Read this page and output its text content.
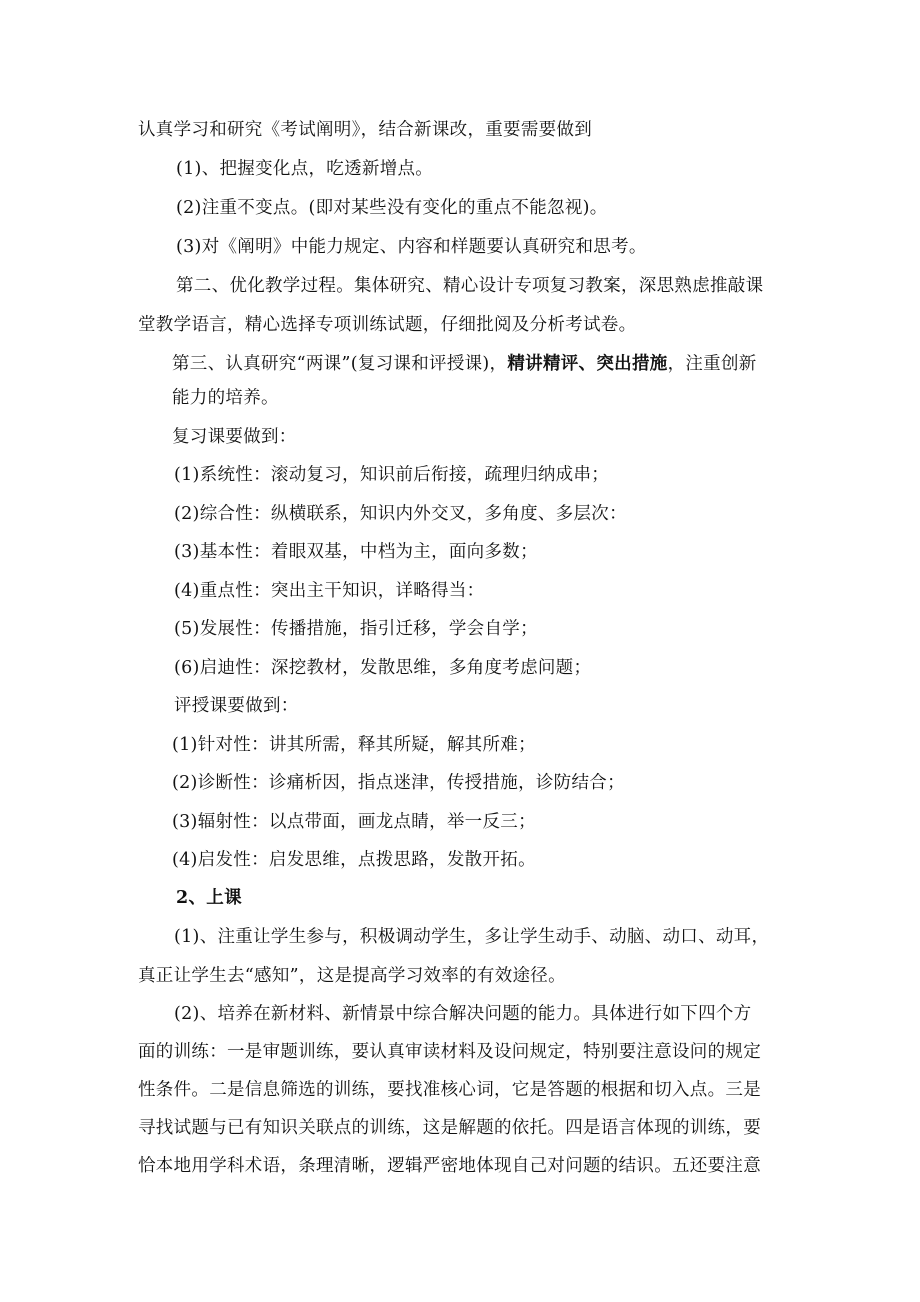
认真学习和研究《考试阐明》，结合新课改，重要需要做到
(1)、把握变化点，吃透新增点。
(2)注重不变点。(即对某些没有变化的重点不能忽视)。
(3)对《阐明》中能力规定、内容和样题要认真研究和思考。
第二、优化教学过程。集体研究、精心设计专项复习教案，深思熟虑推敲课
堂教学语言，精心选择专项训练试题，仔细批阅及分析考试卷。
第三、认真研究“两课”(复习课和评授课)，精讲精评、突出措施，注重创新
能力的培养。
复习课要做到：
(1)系统性：滚动复习，知识前后衔接，疏理归纳成串；
(2)综合性：纵横联系，知识内外交叉，多角度、多层次：
(3)基本性：着眼双基，中档为主，面向多数；
(4)重点性：突出主干知识，详略得当：
(5)发展性：传播措施，指引迁移，学会自学；
(6)启迪性：深挖教材，发散思维，多角度考虑问题；
评授课要做到：
(1)针对性：讲其所需，释其所疑，解其所难；
(2)诊断性：诊痛析因，指点迷津，传授措施，诊防结合；
(3)辐射性：以点带面，画龙点睛，举一反三；
(4)启发性：启发思维，点拨思路，发散开拓。
2、上课
(1)、注重让学生参与，积极调动学生，多让学生动手、动脑、动口、动耳，
真正让学生去“感知”，这是提高学习效率的有效途径。
(2)、培养在新材料、新情景中综合解决问题的能力。具体进行如下四个方
面的训练：一是审题训练，要认真审读材料及设问规定，特别要注意设问的规定
性条件。二是信息筛选的训练，要找准核心词，它是答题的根据和切入点。三是
寻找试题与已有知识关联点的训练，这是解题的依托。四是语言体现的训练，要
恰本地用学科术语，条理清晰，逻辑严密地体现自己对问题的结识。五还要注意
